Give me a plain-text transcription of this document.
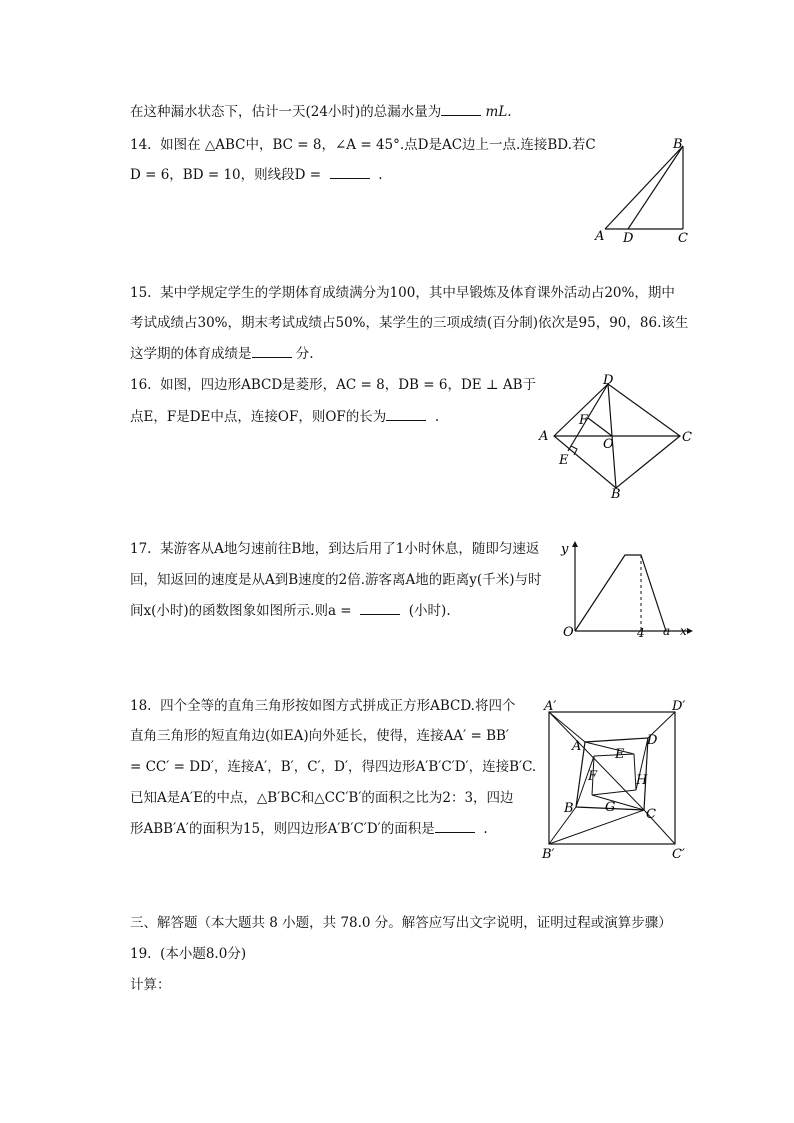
在这种漏水状态下，估计一天(24小时)的总漏水量为	mL.
14. 如图在 △ABC中，BC = 8，∠A = 45°.点D是AC边上一点.连接BD.若C
D = 6，BD = 10，则线段D =	.
B
A D	C
15. 某中学规定学生的学期体育成绩满分为100，其中早锻炼及体育课外活动占20%，期中
考试成绩占30%，期末考试成绩占50%，某学生的三项成绩(百分制)依次是95，90，86.该生
这学期的体育成绩是	分.
16. 如图，四边形ABCD是菱形，AC = 8，DB = 6，DE ⊥ AB于
点E，F是DE中点，连接OF，则OF的长为	.
D
A	C
B
F
O
E
17. 某游客从A地匀速前往B地，到达后用了1小时休息，随即匀速返
回，知返回的速度是从A到B速度的2倍.游客离A地的距离y(千米)与时
间x(小时)的函数图象如图所示.则a =	(小时).
y
O	4 a x
18. 四个全等的直角三角形按如图方式拼成正方形ABCD.将四个
直角三角形的短直角边(如EA)向外延长，使得，连接AA′ = BB′
= CC′ = DD′，连接A′，B′，C′，D′，得四边形A′B′C′D′，连接B′C.
已知A是A′E的中点，△B′BC和△CC′B′的面积之比为2：3，四边
形ABB′A′的面积为15，则四边形A′B′C′D′的面积是	.
A′	D′
B′	C′
A	D
C
B
E
F
G
H
三、解答题（本大题共 8 小题，共 78.0 分。解答应写出文字说明，证明过程或演算步骤）
19. (本小题8.0分)
计算：
